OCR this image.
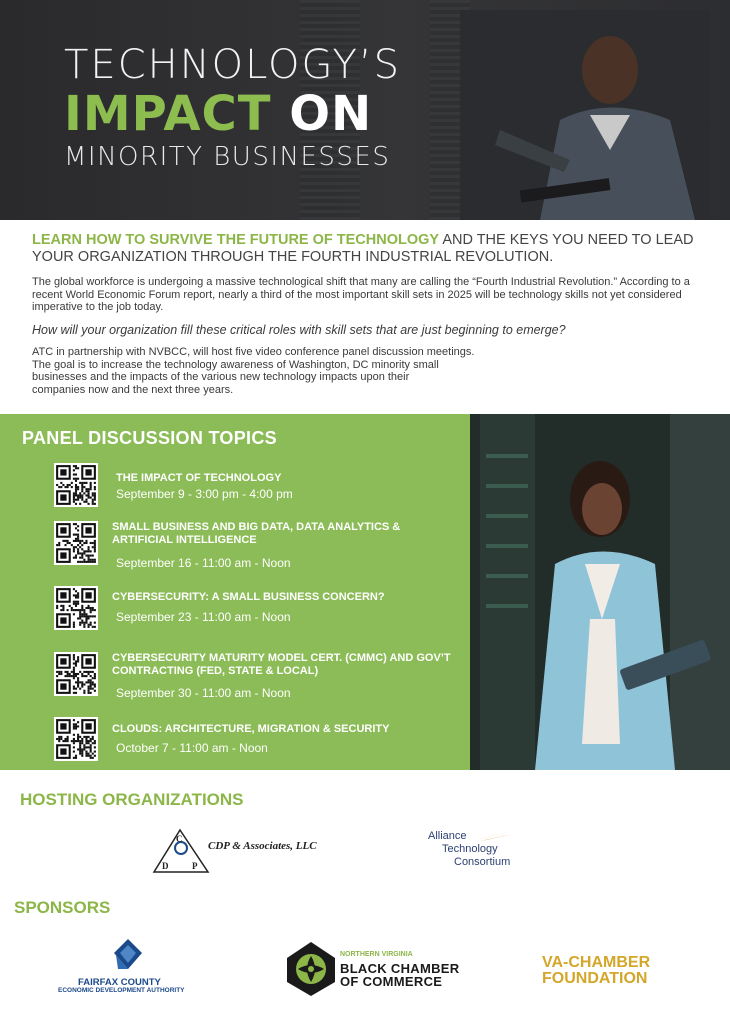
TECHNOLOGY’S
IMPACT ON
MINORITY BUSINESSES

LEARN HOW TO SURVIVE THE FUTURE OF TECHNOLOGY AND THE KEYS YOU NEED TO LEAD YOUR ORGANIZATION THROUGH THE FOURTH INDUSTRIAL REVOLUTION.

The global workforce is undergoing a massive technological shift that many are calling the “Fourth Industrial Revolution.” According to a recent World Economic Forum report, nearly a third of the most important skill sets in 2025 will be technology skills not yet considered imperative to the job today.

How will your organization fill these critical roles with skill sets that are just beginning to emerge?

ATC in partnership with NVBCC, will host five video conference panel discussion meetings.
The goal is to increase the technology awareness of Washington, DC minority small
businesses and the impacts of the various new technology impacts upon their
companies now and the next three years.

PANEL DISCUSSION TOPICS
THE IMPACT OF TECHNOLOGY
September 9 - 3:00 pm - 4:00 pm
SMALL BUSINESS AND BIG DATA, DATA ANALYTICS & ARTIFICIAL INTELLIGENCE
September 16 - 11:00 am - Noon
CYBERSECURITY: A SMALL BUSINESS CONCERN?
September 23 - 11:00 am - Noon
CYBERSECURITY MATURITY MODEL CERT. (CMMC) AND GOV’T CONTRACTING (FED, STATE & LOCAL)
September 30 - 11:00 am - Noon
CLOUDS: ARCHITECTURE, MIGRATION & SECURITY
October 7 - 11:00 am - Noon
HOSTING ORGANIZATIONS
C
D	P
CDP & Associates, LLC
Alliance
Technology
Consortium
SPONSORS
FAIRFAX COUNTY
ECONOMIC DEVELOPMENT AUTHORITY
NORTHERN VIRGINIA
BLACK CHAMBER
OF COMMERCE
VA-CHAMBER
FOUNDATION
